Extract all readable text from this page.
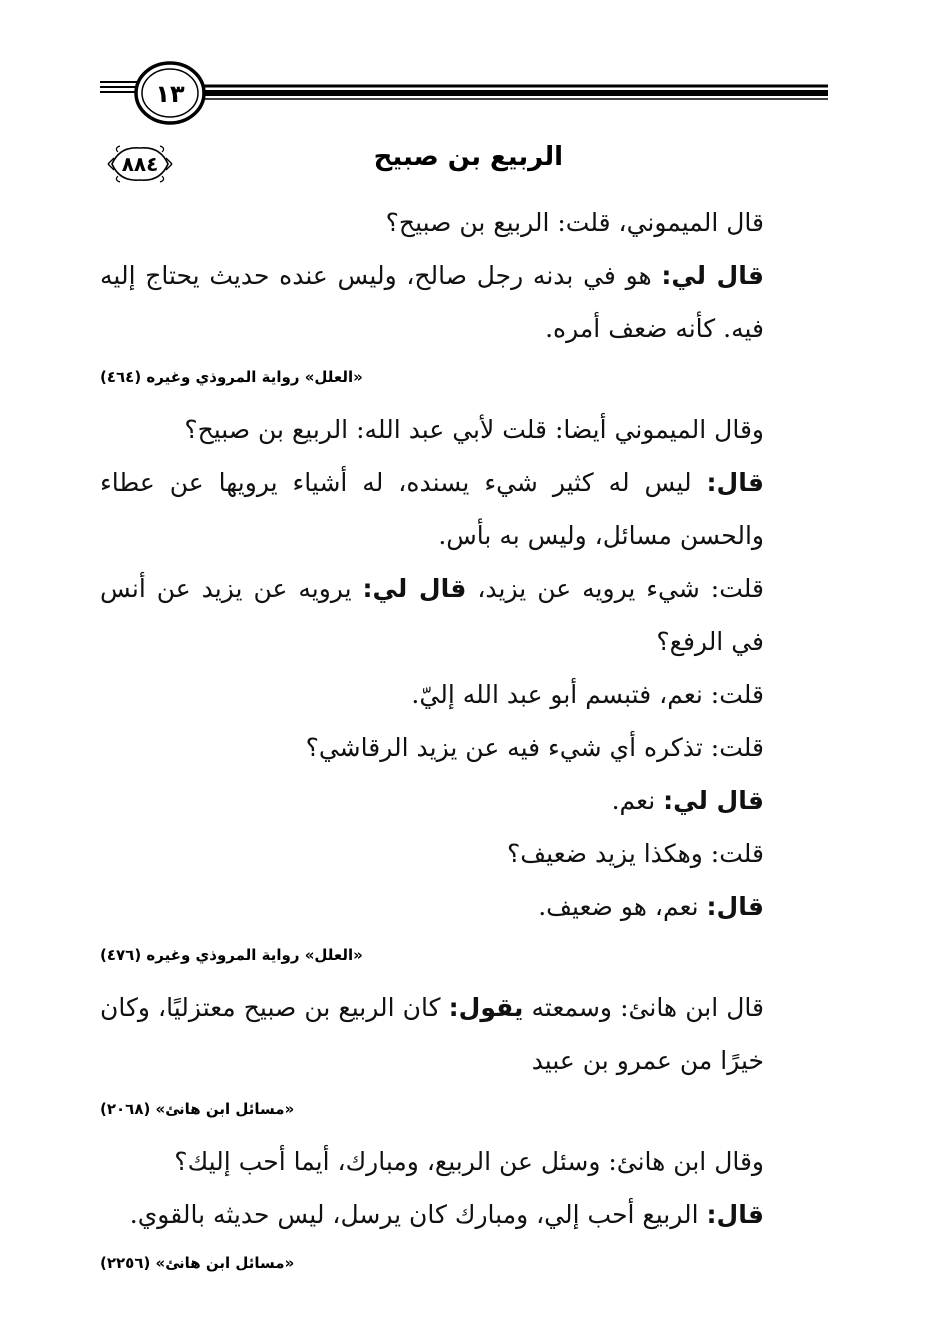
١٣
٨٨٤	الربيع بن صبيح

قال الميموني، قلت: الربيع بن صبيح؟

قال لي: هو في بدنه رجل صالح، وليس عنده حديث يحتاج إليه فيه. كأنه ضعف أمره.

«العلل» رواية المروذي وغيره (٤٦٤)

وقال الميموني أيضا: قلت لأبي عبد الله: الربيع بن صبيح؟

قال: ليس له كثير شيء يسنده، له أشياء يرويها عن عطاء والحسن مسائل، وليس به بأس.

قلت: شيء يرويه عن يزيد، قال لي: يرويه عن يزيد عن أنس في الرفع؟

قلت: نعم، فتبسم أبو عبد الله إليّ.

قلت: تذكره أي شيء فيه عن يزيد الرقاشي؟

قال لي: نعم.

قلت: وهكذا يزيد ضعيف؟

قال: نعم، هو ضعيف.

«العلل» رواية المروذي وغيره (٤٧٦)

قال ابن هانئ: وسمعته يقول: كان الربيع بن صبيح معتزليًا، وكان خيرًا من عمرو بن عبيد

«مسائل ابن هانئ» (٢٠٦٨)

وقال ابن هانئ: وسئل عن الربيع، ومبارك، أيما أحب إليك؟

قال: الربيع أحب إلي، ومبارك كان يرسل، ليس حديثه بالقوي.

«مسائل ابن هانئ» (٢٢٥٦)
